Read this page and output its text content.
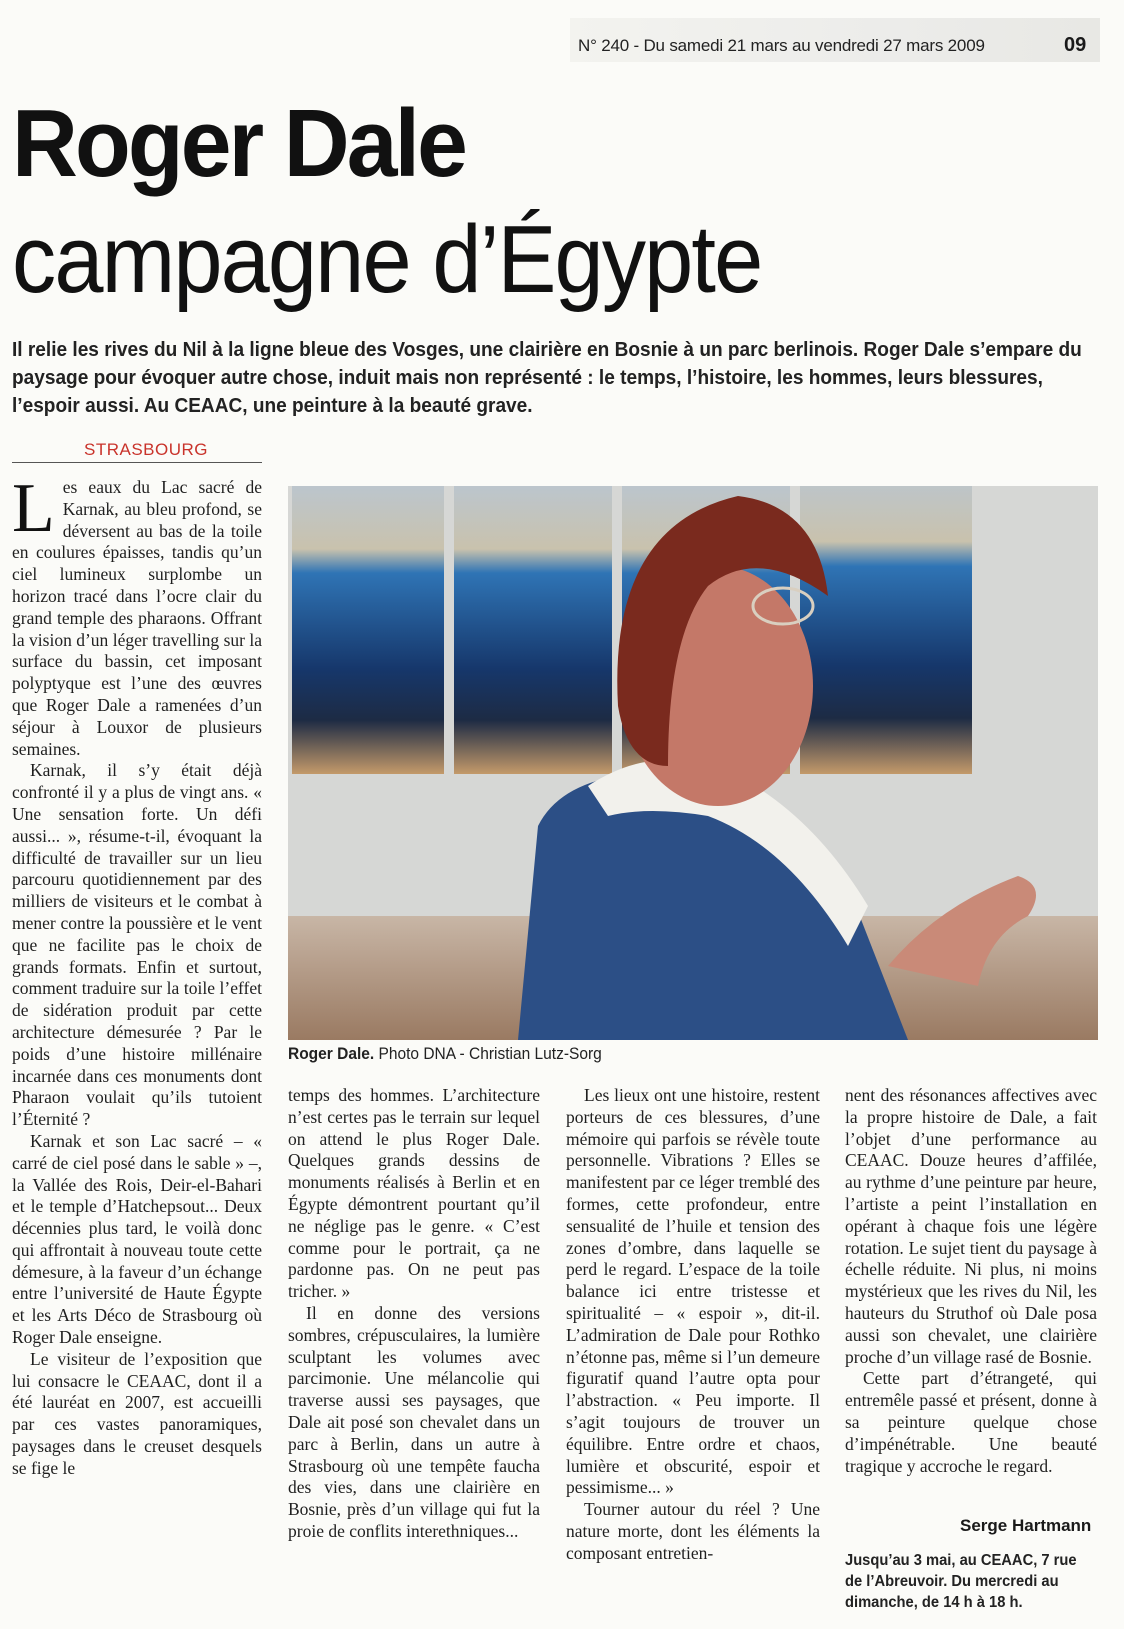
N° 240 - Du samedi 21 mars au vendredi 27 mars 2009	09
Roger Dale
campagne d’Égypte
Il relie les rives du Nil à la ligne bleue des Vosges, une clairière en Bosnie à un parc berlinois. Roger Dale s’empare du paysage pour évoquer autre chose, induit mais non représenté : le temps, l’histoire, les hommes, leurs blessures, l’espoir aussi. Au CEAAC, une peinture à la beauté grave.
STRASBOURG
L es eaux du Lac sacré de Karnak, au bleu profond, se déversent au bas de la toile en coulures épaisses, tandis qu’un ciel lumineux surplombe un horizon tracé dans l’ocre clair du grand temple des pharaons. Offrant la vision d’un léger travelling sur la surface du bassin, cet imposant polyptyque est l’une des œuvres que Roger Dale a ramenées d’un séjour à Louxor de plusieurs semaines.

Karnak, il s’y était déjà confronté il y a plus de vingt ans. « Une sensation forte. Un défi aussi... », résume-t-il, évoquant la difficulté de travailler sur un lieu parcouru quotidiennement par des milliers de visiteurs et le combat à mener contre la poussière et le vent que ne facilite pas le choix de grands formats. Enfin et surtout, comment traduire sur la toile l’effet de sidération produit par cette architecture démesurée ? Par le poids d’une histoire millénaire incarnée dans ces monuments dont Pharaon voulait qu’ils tutoient l’Éternité ?

Karnak et son Lac sacré – « carré de ciel posé dans le sable » –, la Vallée des Rois, Deir-el-Bahari et le temple d’Hatchepsout... Deux décennies plus tard, le voilà donc qui affrontait à nouveau toute cette démesure, à la faveur d’un échange entre l’université de Haute Égypte et les Arts Déco de Strasbourg où Roger Dale enseigne.

Le visiteur de l’exposition que lui consacre le CEAAC, dont il a été lauréat en 2007, est accueilli par ces vastes panoramiques, paysages dans le creuset desquels se fige le

Roger Dale. Photo DNA - Christian Lutz-Sorg

temps des hommes. L’architecture n’est certes pas le terrain sur lequel on attend le plus Roger Dale. Quelques grands dessins de monuments réalisés à Berlin et en Égypte démontrent pourtant qu’il ne néglige pas le genre. « C’est comme pour le portrait, ça ne pardonne pas. On ne peut pas tricher. »

Il en donne des versions sombres, crépusculaires, la lumière sculptant les volumes avec parcimonie. Une mélancolie qui traverse aussi ses paysages, que Dale ait posé son chevalet dans un parc à Berlin, dans un autre à Strasbourg où une tempête faucha des vies, dans une clairière en Bosnie, près d’un village qui fut la proie de conflits interethniques...

Les lieux ont une histoire, restent porteurs de ces blessures, d’une mémoire qui parfois se révèle toute personnelle. Vibrations ? Elles se manifestent par ce léger tremblé des formes, cette profondeur, entre sensualité de l’huile et tension des zones d’ombre, dans laquelle se perd le regard. L’espace de la toile balance ici entre tristesse et spiritualité – « espoir », dit-il. L’admiration de Dale pour Rothko n’étonne pas, même si l’un demeure figuratif quand l’autre opta pour l’abstraction. « Peu importe. Il s’agit toujours de trouver un équilibre. Entre ordre et chaos, lumière et obscurité, espoir et pessimisme... »

Tourner autour du réel ? Une nature morte, dont les éléments la composant entretien-

nent des résonances affectives avec la propre histoire de Dale, a fait l’objet d’une performance au CEAAC. Douze heures d’affilée, au rythme d’une peinture par heure, l’artiste a peint l’installation en opérant à chaque fois une légère rotation. Le sujet tient du paysage à échelle réduite. Ni plus, ni moins mystérieux que les rives du Nil, les hauteurs du Struthof où Dale posa aussi son chevalet, une clairière proche d’un village rasé de Bosnie.

Cette part d’étrangeté, qui entremêle passé et présent, donne à sa peinture quelque chose d’impénétrable. Une beauté tragique y accroche le regard.

Serge Hartmann
Jusqu’au 3 mai, au CEAAC, 7 rue de l’Abreuvoir. Du mercredi au dimanche, de 14 h à 18 h.
